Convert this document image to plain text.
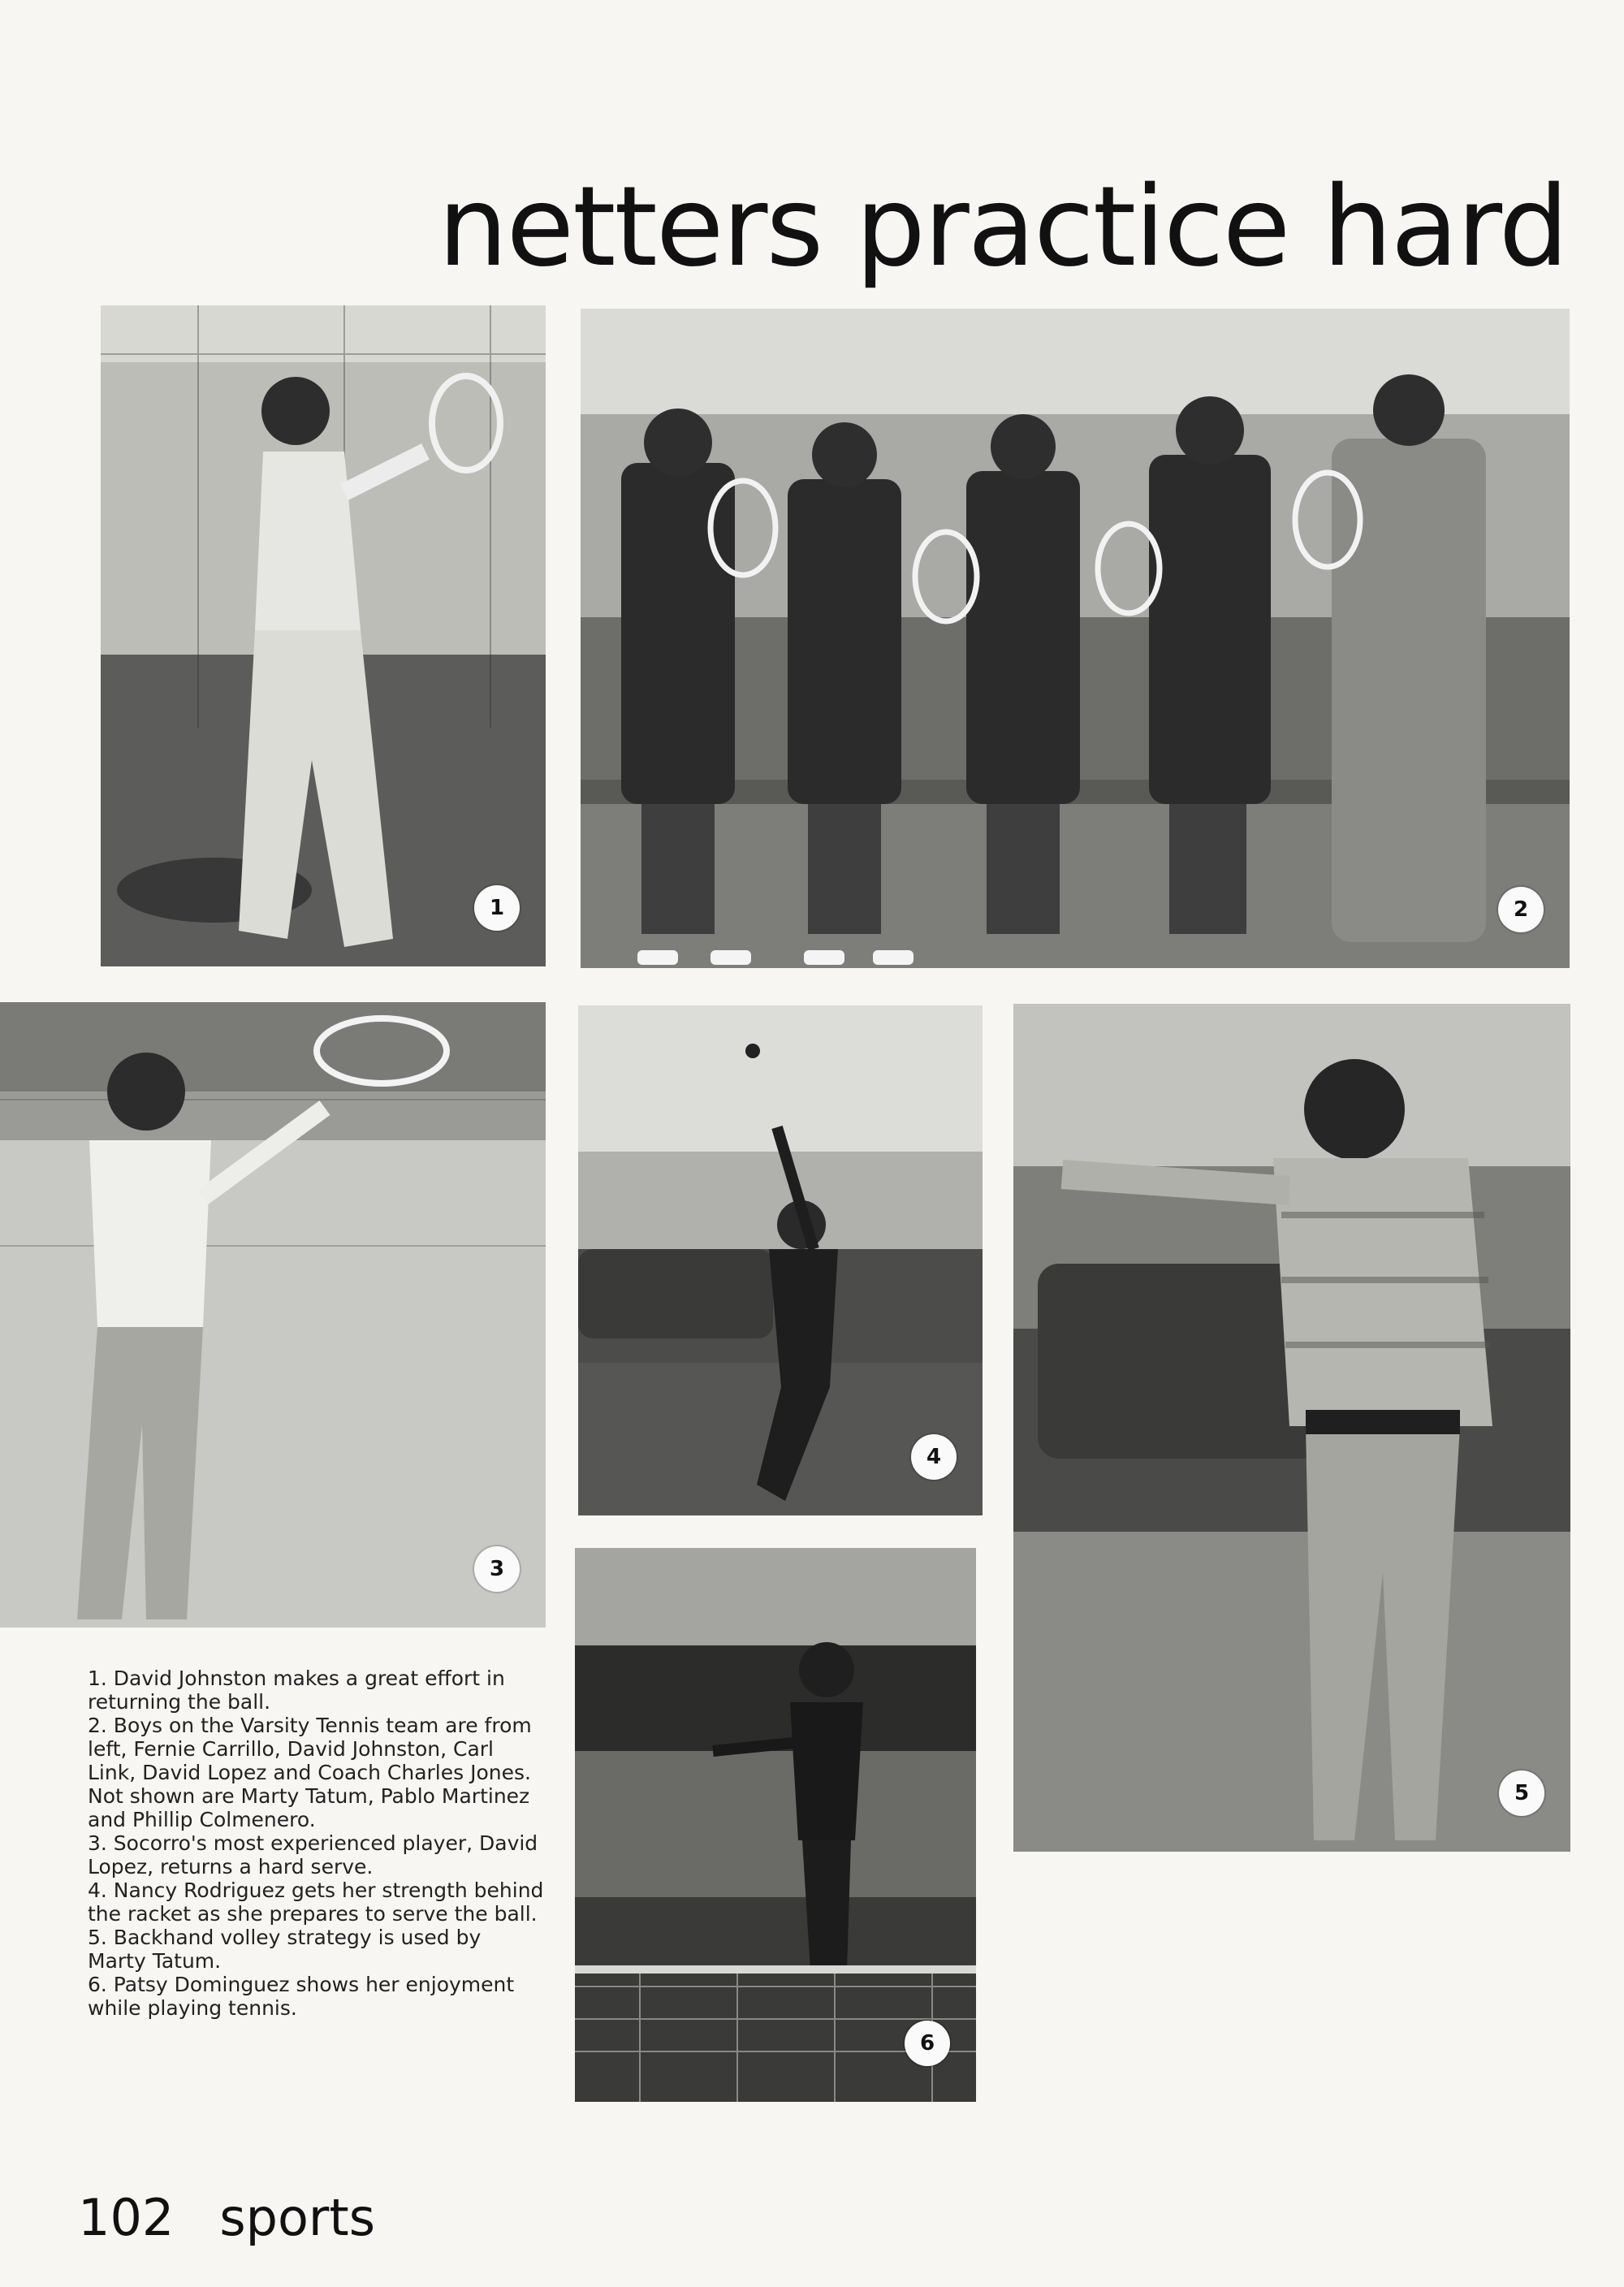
netters practice hard
1	2
3
4
5
6
1. David Johnston makes a great effort in returning the ball.
2. Boys on the Varsity Tennis team are from left, Fernie Carrillo, David Johnston, Carl Link, David Lopez and Coach Charles Jones. Not shown are Marty Tatum, Pablo Martinez and Phillip Colmenero.
3. Socorro's most experienced player, David Lopez, returns a hard serve.
4. Nancy Rodriguez gets her strength behind the racket as she prepares to serve the ball.
5. Backhand volley strategy is used by Marty Tatum.
6. Patsy Dominguez shows her enjoyment while playing tennis.
102 sports
